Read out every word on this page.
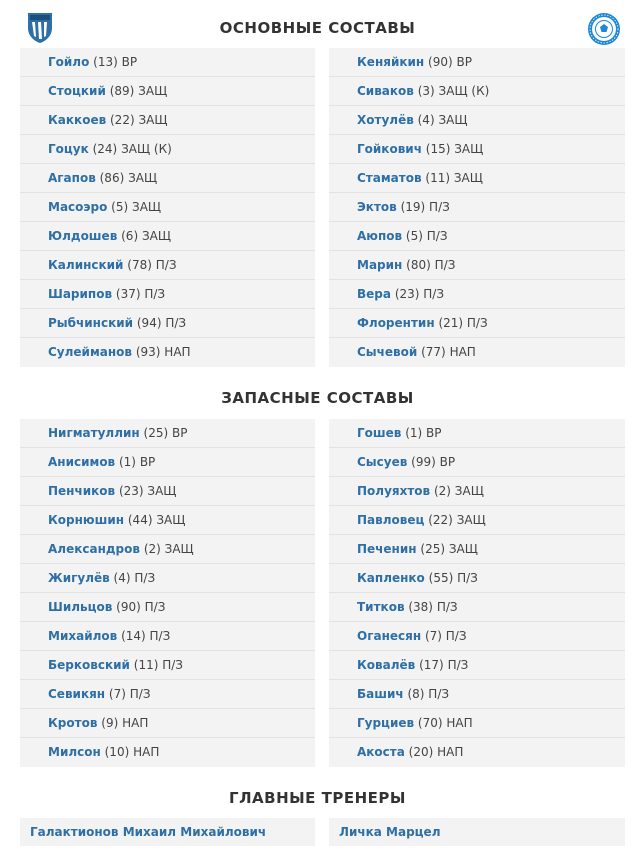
ОСНОВНЫЕ СОСТАВЫ
Гойло (13) ВР
Стоцкий (89) ЗАЩ
Каккоев (22) ЗАЩ
Гоцук (24) ЗАЩ (К)
Агапов (86) ЗАЩ
Масоэро (5) ЗАЩ
Юлдошев (6) ЗАЩ
Калинский (78) П/З
Шарипов (37) П/З
Рыбчинский (94) П/З
Сулейманов (93) НАП
Кеняйкин (90) ВР
Сиваков (3) ЗАЩ (К)
Хотулёв (4) ЗАЩ
Гойкович (15) ЗАЩ
Стаматов (11) ЗАЩ
Эктов (19) П/З
Аюпов (5) П/З
Марин (80) П/З
Вера (23) П/З
Флорентин (21) П/З
Сычевой (77) НАП
ЗАПАСНЫЕ СОСТАВЫ
Нигматуллин (25) ВР
Анисимов (1) ВР
Пенчиков (23) ЗАЩ
Корнюшин (44) ЗАЩ
Александров (2) ЗАЩ
Жигулёв (4) П/З
Шильцов (90) П/З
Михайлов (14) П/З
Берковский (11) П/З
Севикян (7) П/З
Кротов (9) НАП
Милсон (10) НАП
Гошев (1) ВР
Сысуев (99) ВР
Полуяхтов (2) ЗАЩ
Павловец (22) ЗАЩ
Печенин (25) ЗАЩ
Капленко (55) П/З
Титков (38) П/З
Оганесян (7) П/З
Ковалёв (17) П/З
Башич (8) П/З
Гурциев (70) НАП
Акоста (20) НАП
ГЛАВНЫЕ ТРЕНЕРЫ
Галактионов Михаил Михайлович	Личка Марцел
